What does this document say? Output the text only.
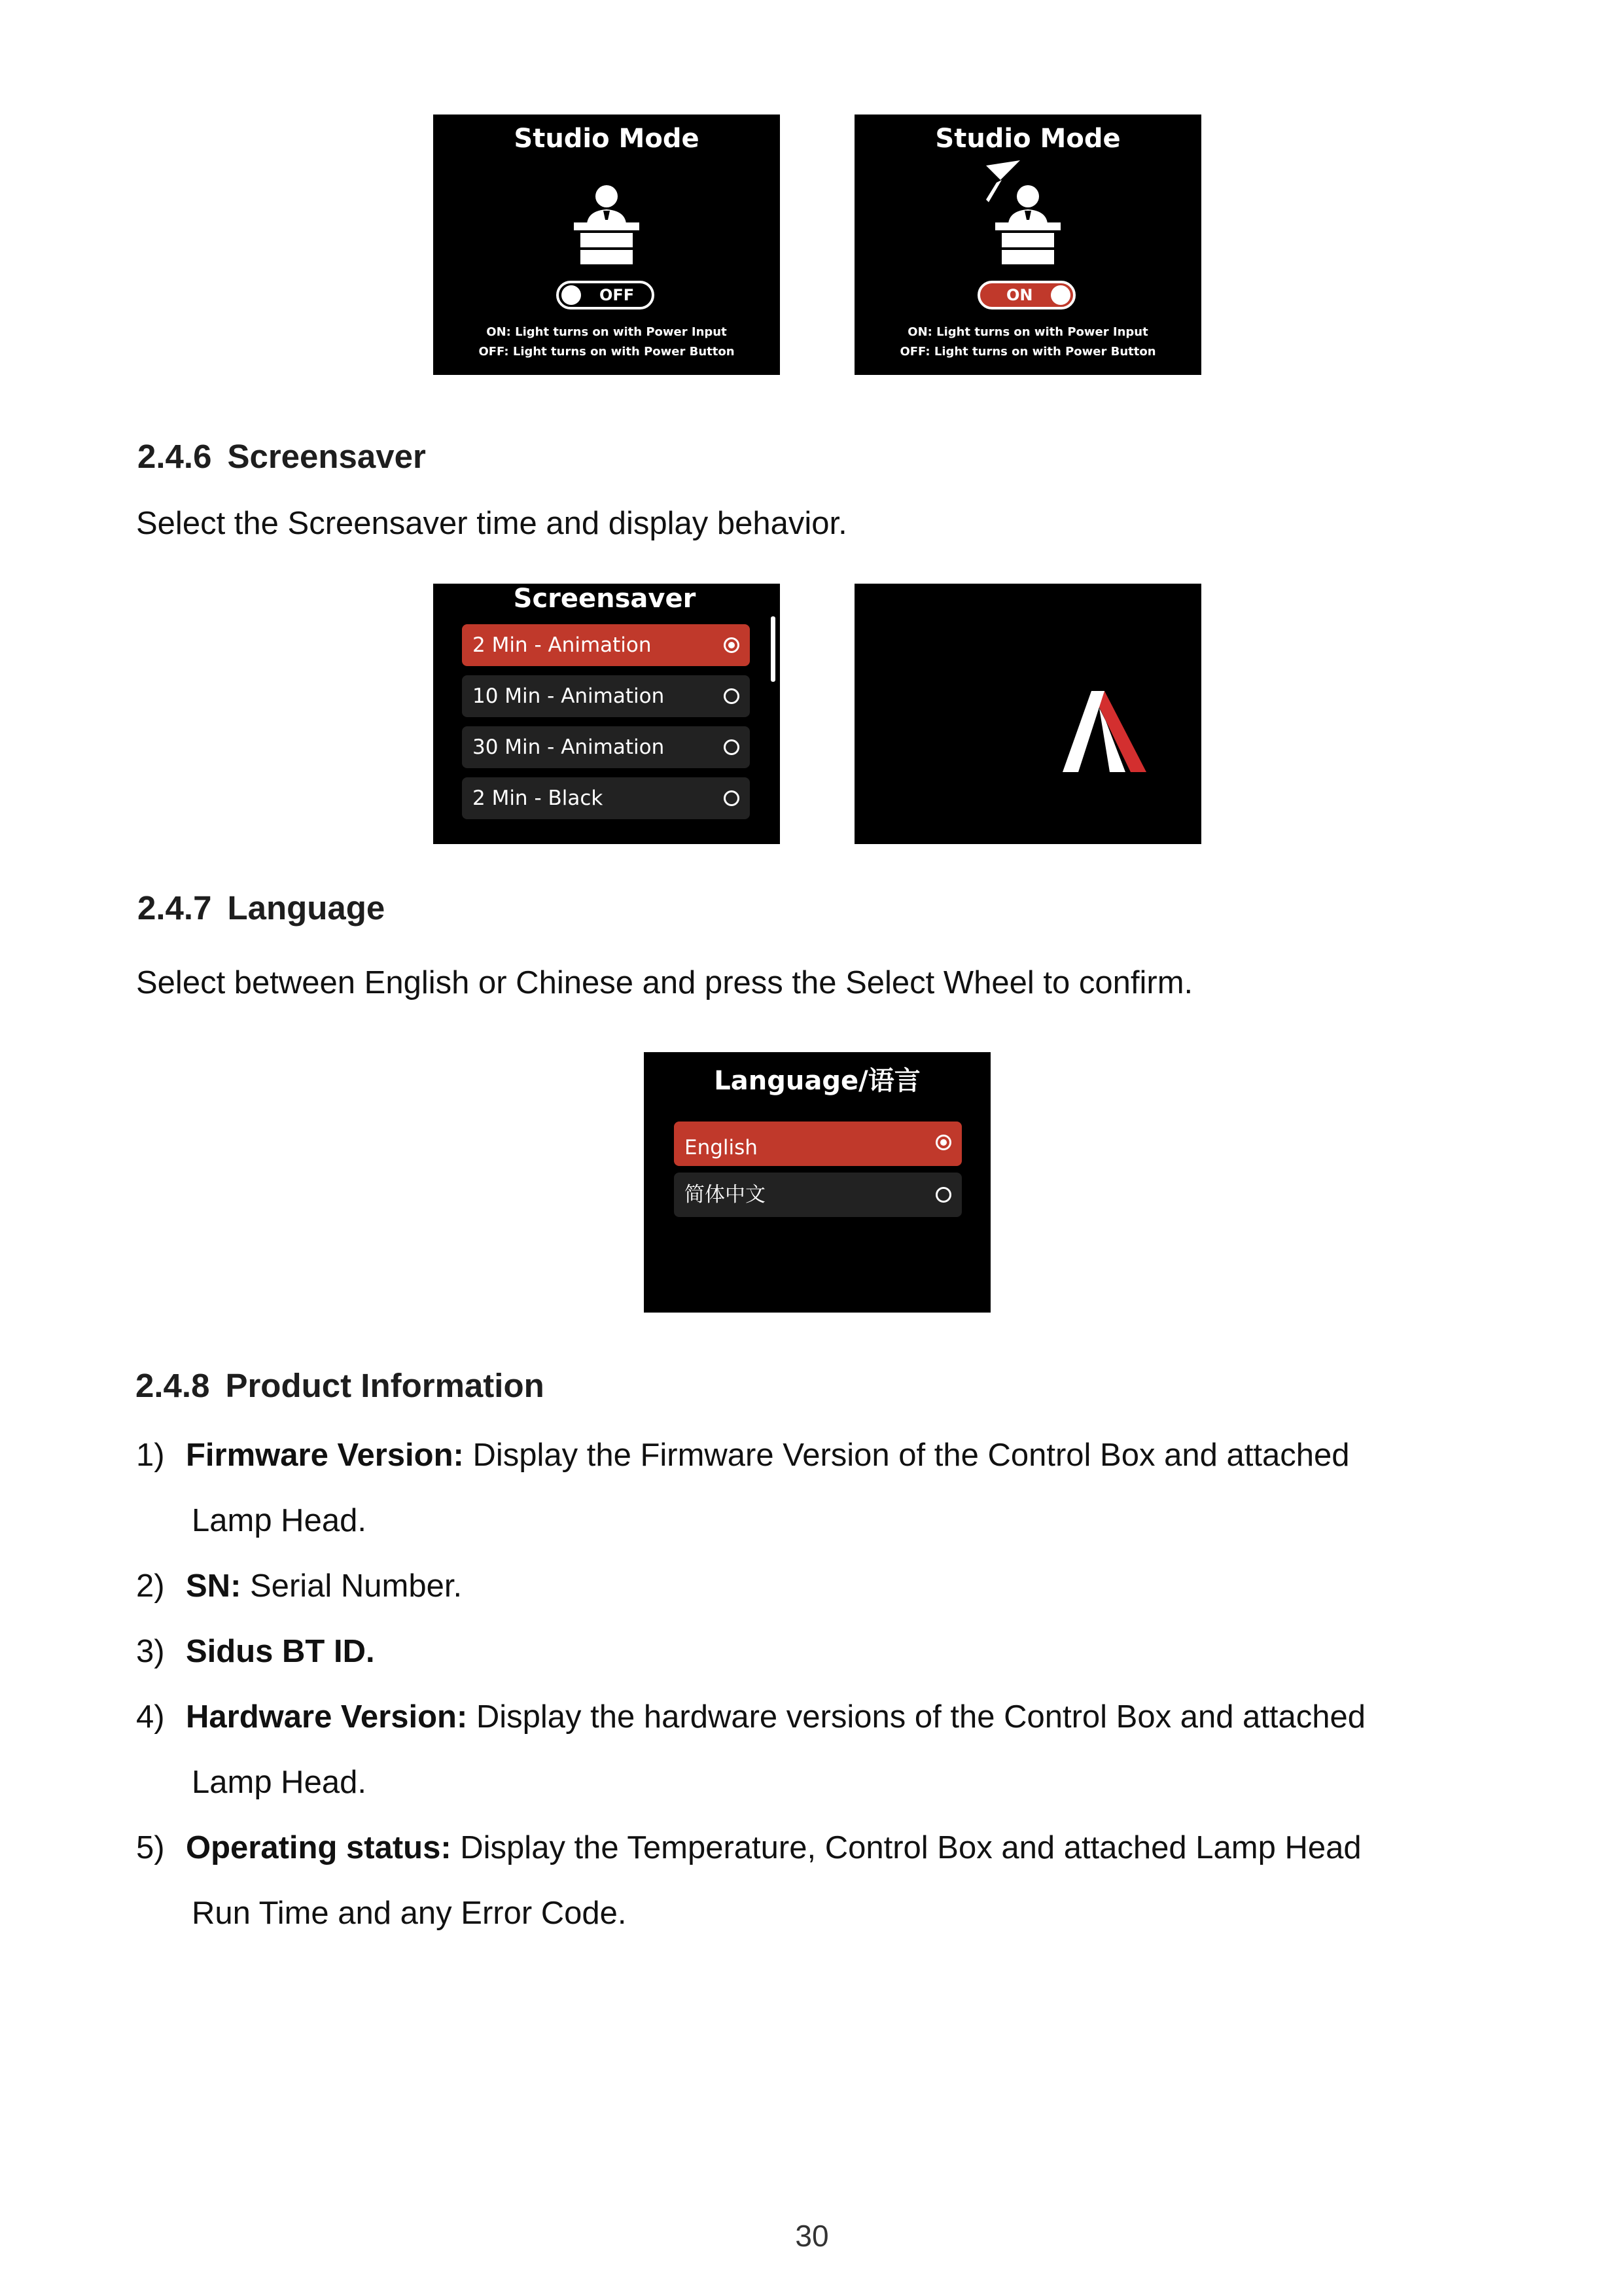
Studio Mode
OFF
ON: Light turns on with Power Input
OFF: Light turns on with Power Button
Studio Mode
ON
ON: Light turns on with Power Input
OFF: Light turns on with Power Button
2.4.6 Screensaver
Select the Screensaver time and display behavior.
Screensaver
2 Min - Animation
10 Min - Animation
30 Min - Animation
2 Min - Black
2.4.7 Language
Select between English or Chinese and press the Select Wheel to confirm.
Language/语言
English
简体中文
2.4.8 Product Information
1) Firmware Version: Display the Firmware Version of the Control Box and attached
Lamp Head.
2) SN: Serial Number.
3) Sidus BT ID.
4) Hardware Version: Display the hardware versions of the Control Box and attached
Lamp Head.
5) Operating status: Display the Temperature, Control Box and attached Lamp Head
Run Time and any Error Code.
30
